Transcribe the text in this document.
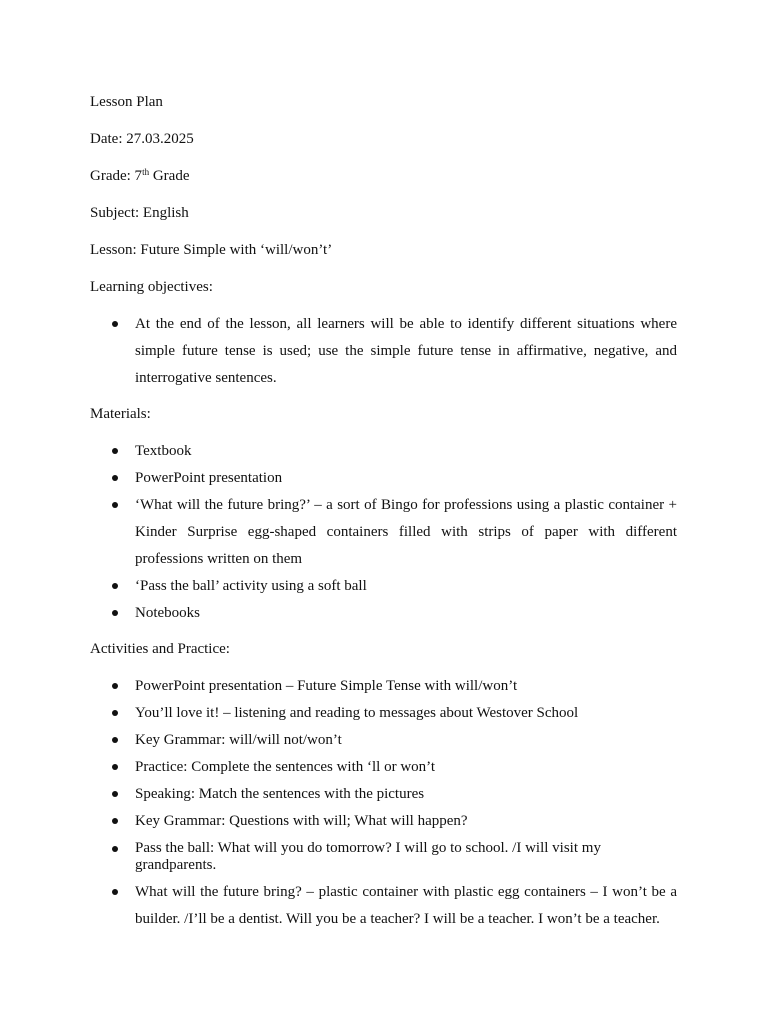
Lesson Plan

Date: 27.03.2025

Grade: 7th Grade

Subject: English

Lesson: Future Simple with ‘will/won’t’

Learning objectives:

At the end of the lesson, all learners will be able to identify different situations where simple future tense is used; use the simple future tense in affirmative, negative, and interrogative sentences.

Materials:

Textbook
PowerPoint presentation
‘What will the future bring?’ – a sort of Bingo for professions using a plastic container + Kinder Surprise egg-shaped containers filled with strips of paper with different professions written on them
‘Pass the ball’ activity using a soft ball
Notebooks

Activities and Practice:

PowerPoint presentation – Future Simple Tense with will/won’t
You’ll love it! – listening and reading to messages about Westover School
Key Grammar: will/will not/won’t
Practice: Complete the sentences with ‘ll or won’t
Speaking: Match the sentences with the pictures
Key Grammar: Questions with will; What will happen?
Pass the ball: What will you do tomorrow? I will go to school. /I will visit my grandparents.
What will the future bring? – plastic container with plastic egg containers – I won’t be a builder. /I’ll be a dentist. Will you be a teacher? I will be a teacher. I won’t be a teacher.
